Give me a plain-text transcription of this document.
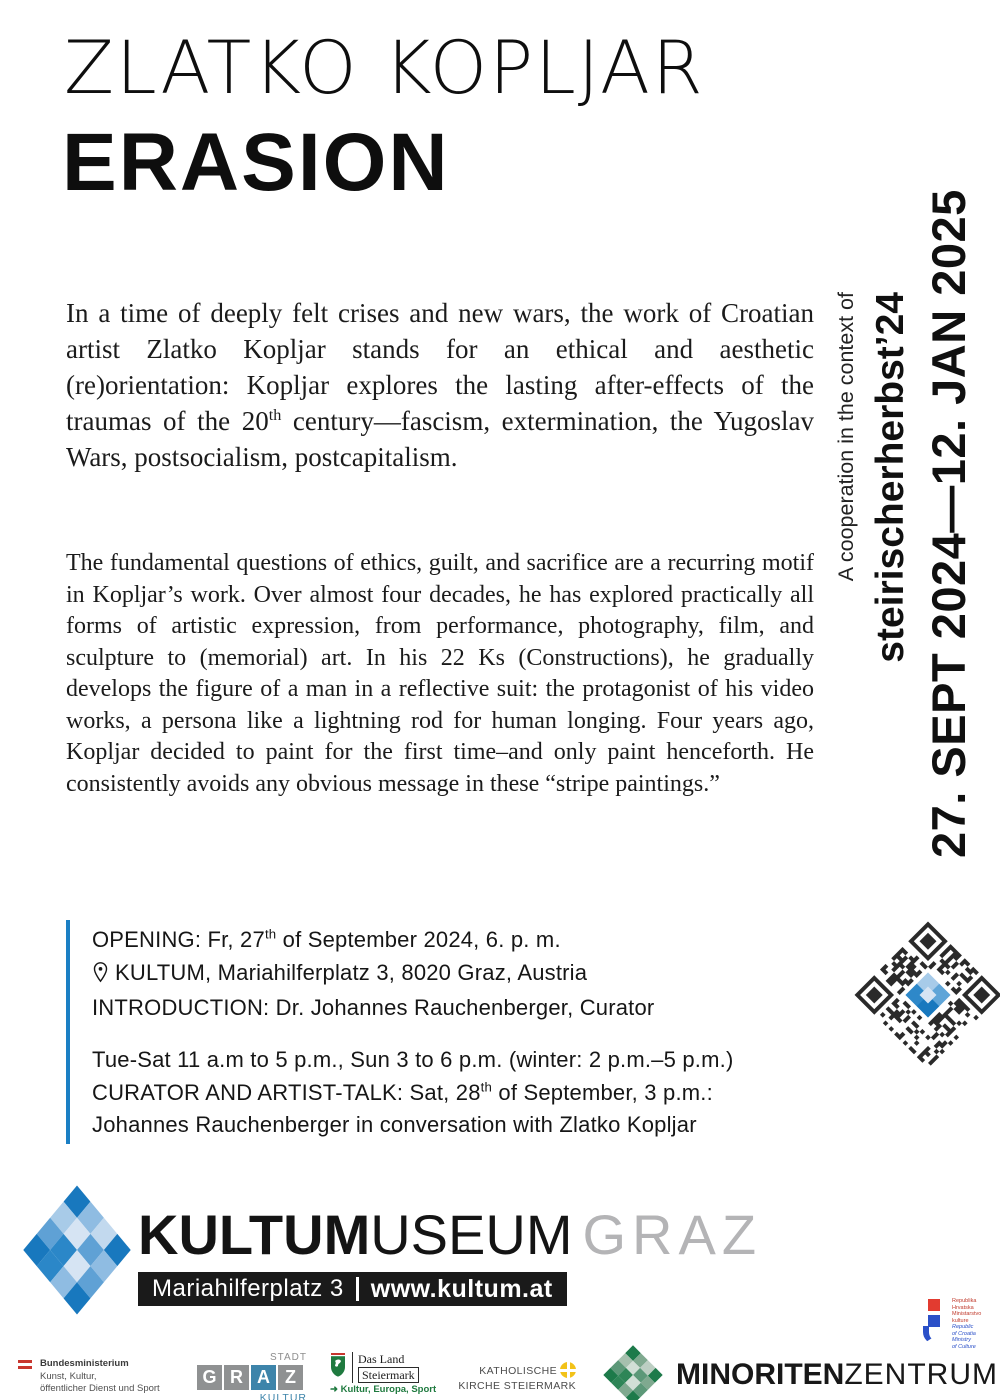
ZLATKO KOPLJAR
ERASION

In a time of deeply felt crises and new wars, the work of Croatian artist Zlatko Kopljar stands for an ethical and aesthetic (re)orientation: Kopljar explores the lasting after-effects of the traumas of the 20th century—fascism, extermination, the Yugoslav Wars, postsocialism, postcapitalism.

The fundamental questions of ethics, guilt, and sacrifice are a recurring motif in Kopljar’s work. Over almost four decades, he has explored practically all forms of artistic expression, from performance, photography, film, and sculpture to (memorial) art. In his 22 Ks (Constructions), he gradually develops the figure of a man in a reflective suit: the protagonist of his video works, a persona like a lightning rod for human longing. Four years ago, Kopljar decided to paint for the first time–and only paint henceforth. He consistently avoids any obvious message in these “stripe paintings.”

A cooperation in the context of steirischerherbst’24 27. SEPT 2024—12. JAN 2025
OPENING: Fr, 27th of September 2024, 6. p. m.
KULTUM, Mariahilferplatz 3, 8020 Graz, Austria
INTRODUCTION: Dr. Johannes Rauchenberger, Curator
Tue-Sat 11 a.m to 5 p.m., Sun 3 to 6 p.m. (winter: 2 p.m.–5 p.m.)
CURATOR AND ARTIST-TALK: Sat, 28th of September, 3 p.m.:
Johannes Rauchenberger in conversation with Zlatko Kopljar
KULTUMUSEUM GRAZ
Mariahilferplatz 3 www.kultum.at
Bundesministerium
Kunst, Kultur,
öffentlicher Dienst und Sport
STADT
G R A Z
KULTUR
Das Land
Steiermark
➜ Kultur, Europa, Sport
KATHOLISCHE
KIRCHE STEIERMARK	MINORITENZENTRUM
Republika
Hrvatska
Ministarstvo
kulture
Republic
of Croatia
Ministry
of Culture
